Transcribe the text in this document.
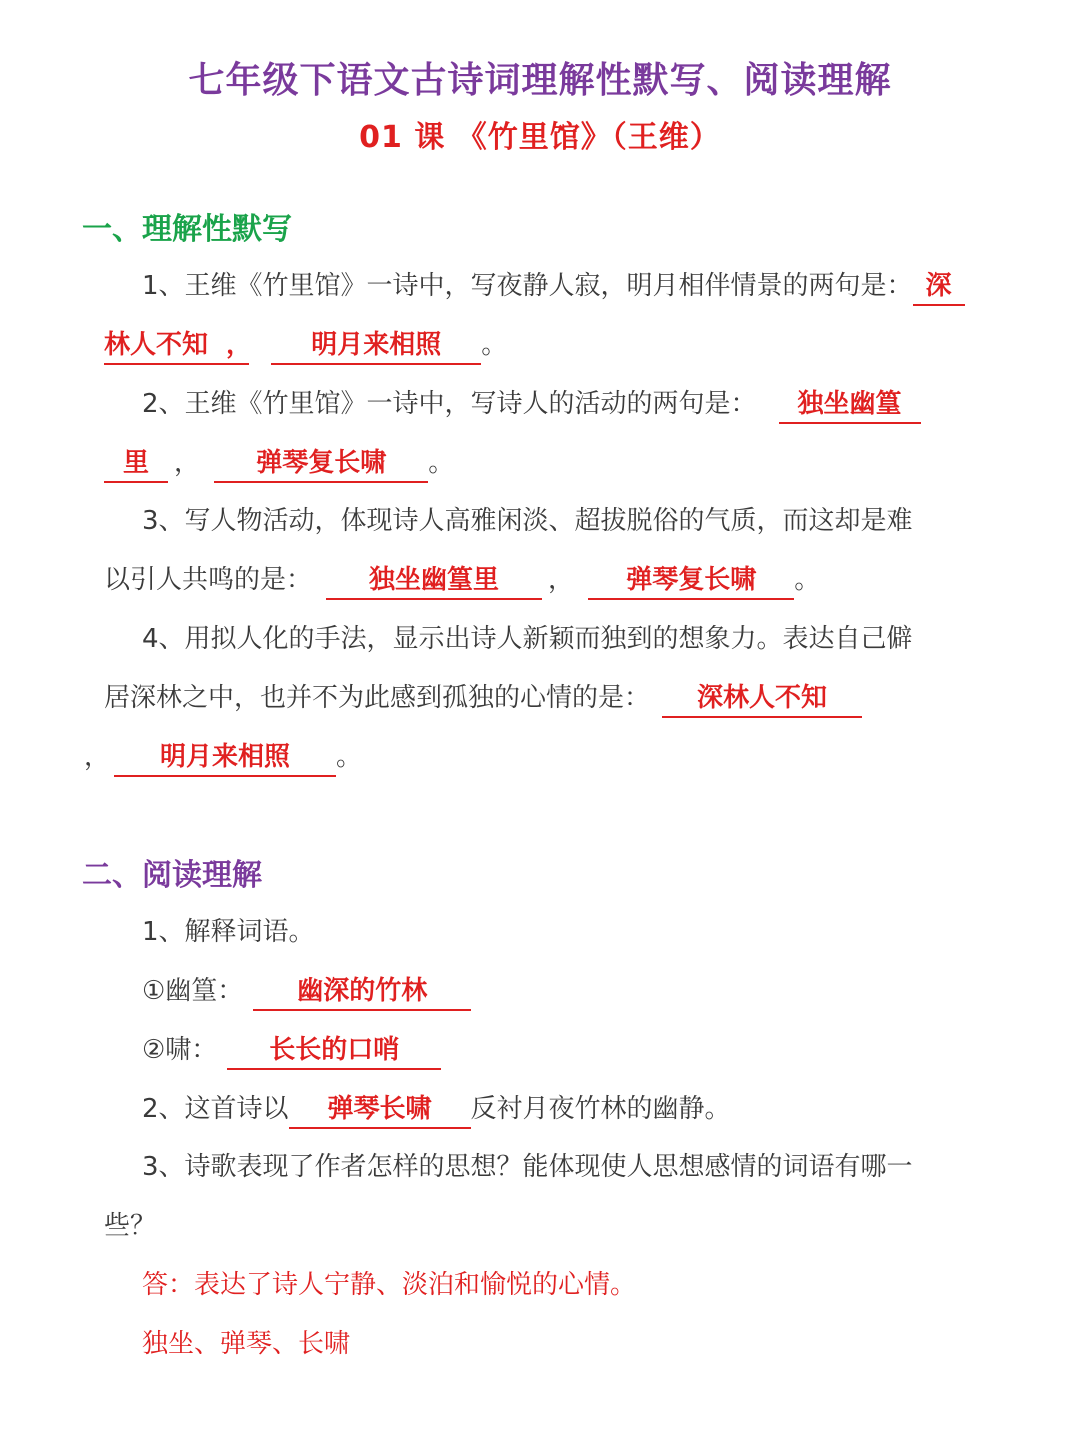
七年级下语文古诗词理解性默写、阅读理解
01 课 《竹里馆》（王维）
一、理解性默写
1、王维《竹里馆》一诗中，写夜静人寂，明月相伴情景的两句是： 深
林人不知 ， 明月来相照 。
2、王维《竹里馆》一诗中，写诗人的活动的两句是： 独坐幽篁
里 ， 弹琴复长啸 。
3、写人物活动，体现诗人高雅闲淡、超拔脱俗的气质，而这却是难
以引人共鸣的是： 独坐幽篁里 ， 弹琴复长啸 。
4、用拟人化的手法，显示出诗人新颖而独到的想象力。表达自己僻
居深林之中，也并不为此感到孤独的心情的是： 深林人不知
， 明月来相照 。
二、阅读理解
1、解释词语。
①幽篁： 幽深的竹林
②啸： 长长的口哨
2、这首诗以 弹琴长啸 反衬月夜竹林的幽静。
3、诗歌表现了作者怎样的思想？能体现使人思想感情的词语有哪一
些？
答：表达了诗人宁静、淡泊和愉悦的心情。
独坐、弹琴、长啸
